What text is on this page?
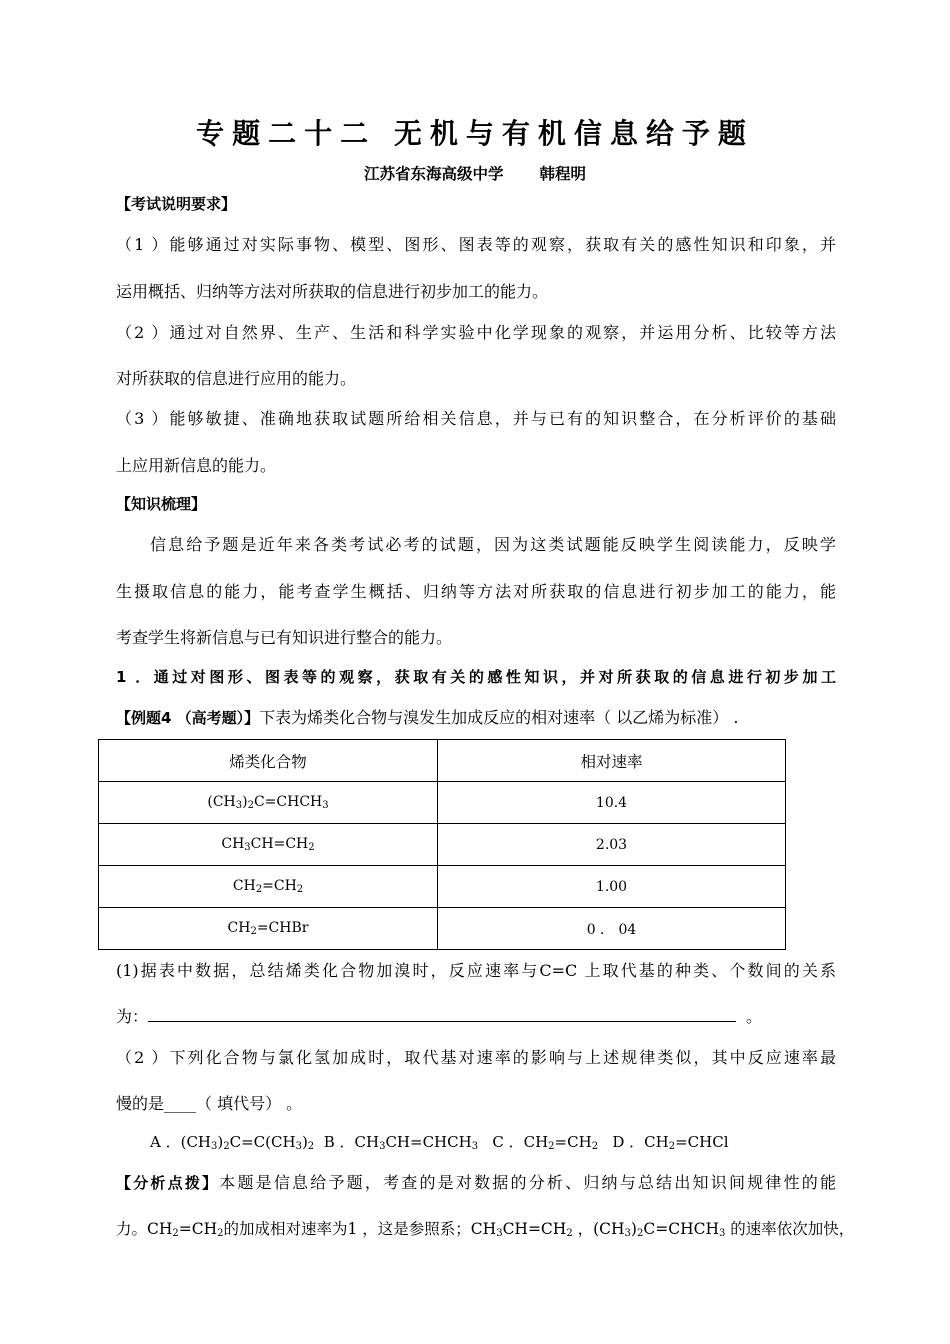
专题二十二 无机与有机信息给予题
江苏省东海高级中学 韩程明
【考试说明要求】
（1 ）能够通过对实际事物、模型、图形、图表等的观察，获取有关的感性知识和印象，并
运用概括、归纳等方法对所获取的信息进行初步加工的能力。
（2 ）通过对自然界、生产、生活和科学实验中化学现象的观察，并运用分析、比较等方法
对所获取的信息进行应用的能力。
（3 ）能够敏捷、准确地获取试题所给相关信息，并与已有的知识整合，在分析评价的基础
上应用新信息的能力。
【知识梳理】
信息给予题是近年来各类考试必考的试题，因为这类试题能反映学生阅读能力，反映学
生摄取信息的能力，能考查学生概括、归纳等方法对所获取的信息进行初步加工的能力，能
考查学生将新信息与已有知识进行整合的能力。
1 ．通过对图形、图表等的观察，获取有关的感性知识，并对所获取的信息进行初步加工
【例题4 （高考题）】下表为烯类化合物与溴发生加成反应的相对速率（ 以乙烯为标准） .
烯类化合物	相对速率
$(CH_3)_2C=CHCH_3$	10.4
$CH_3CH=CH_2$	2.03
$CH_2=CH_2$	1.00
$CH_2=CHBr$	0 ． 04
(1)据表中数据，总结烯类化合物加溴时，反应速率与C=C 上取代基的种类、个数间的关系
为：	。
（2 ）下列化合物与氯化氢加成时，取代基对速率的影响与上述规律类似，其中反应速率最
慢的是____（ 填代号） 。
A ．$(CH_3)_2C=C(CH_3)_2$  B ．$CH_3CH=CHCH_3$   C ．$CH_2=CH_2$   D ．$CH_2=CHCl$
【分析点拨】本题是信息给予题，考查的是对数据的分析、归纳与总结出知识间规律性的能
力。$CH_2=CH_2$的加成相对速率为1 ，这是参照系；$CH_3CH=CH_2$ ，$(CH_3)_2C=CHCH_3$ 的速率依次加快，
